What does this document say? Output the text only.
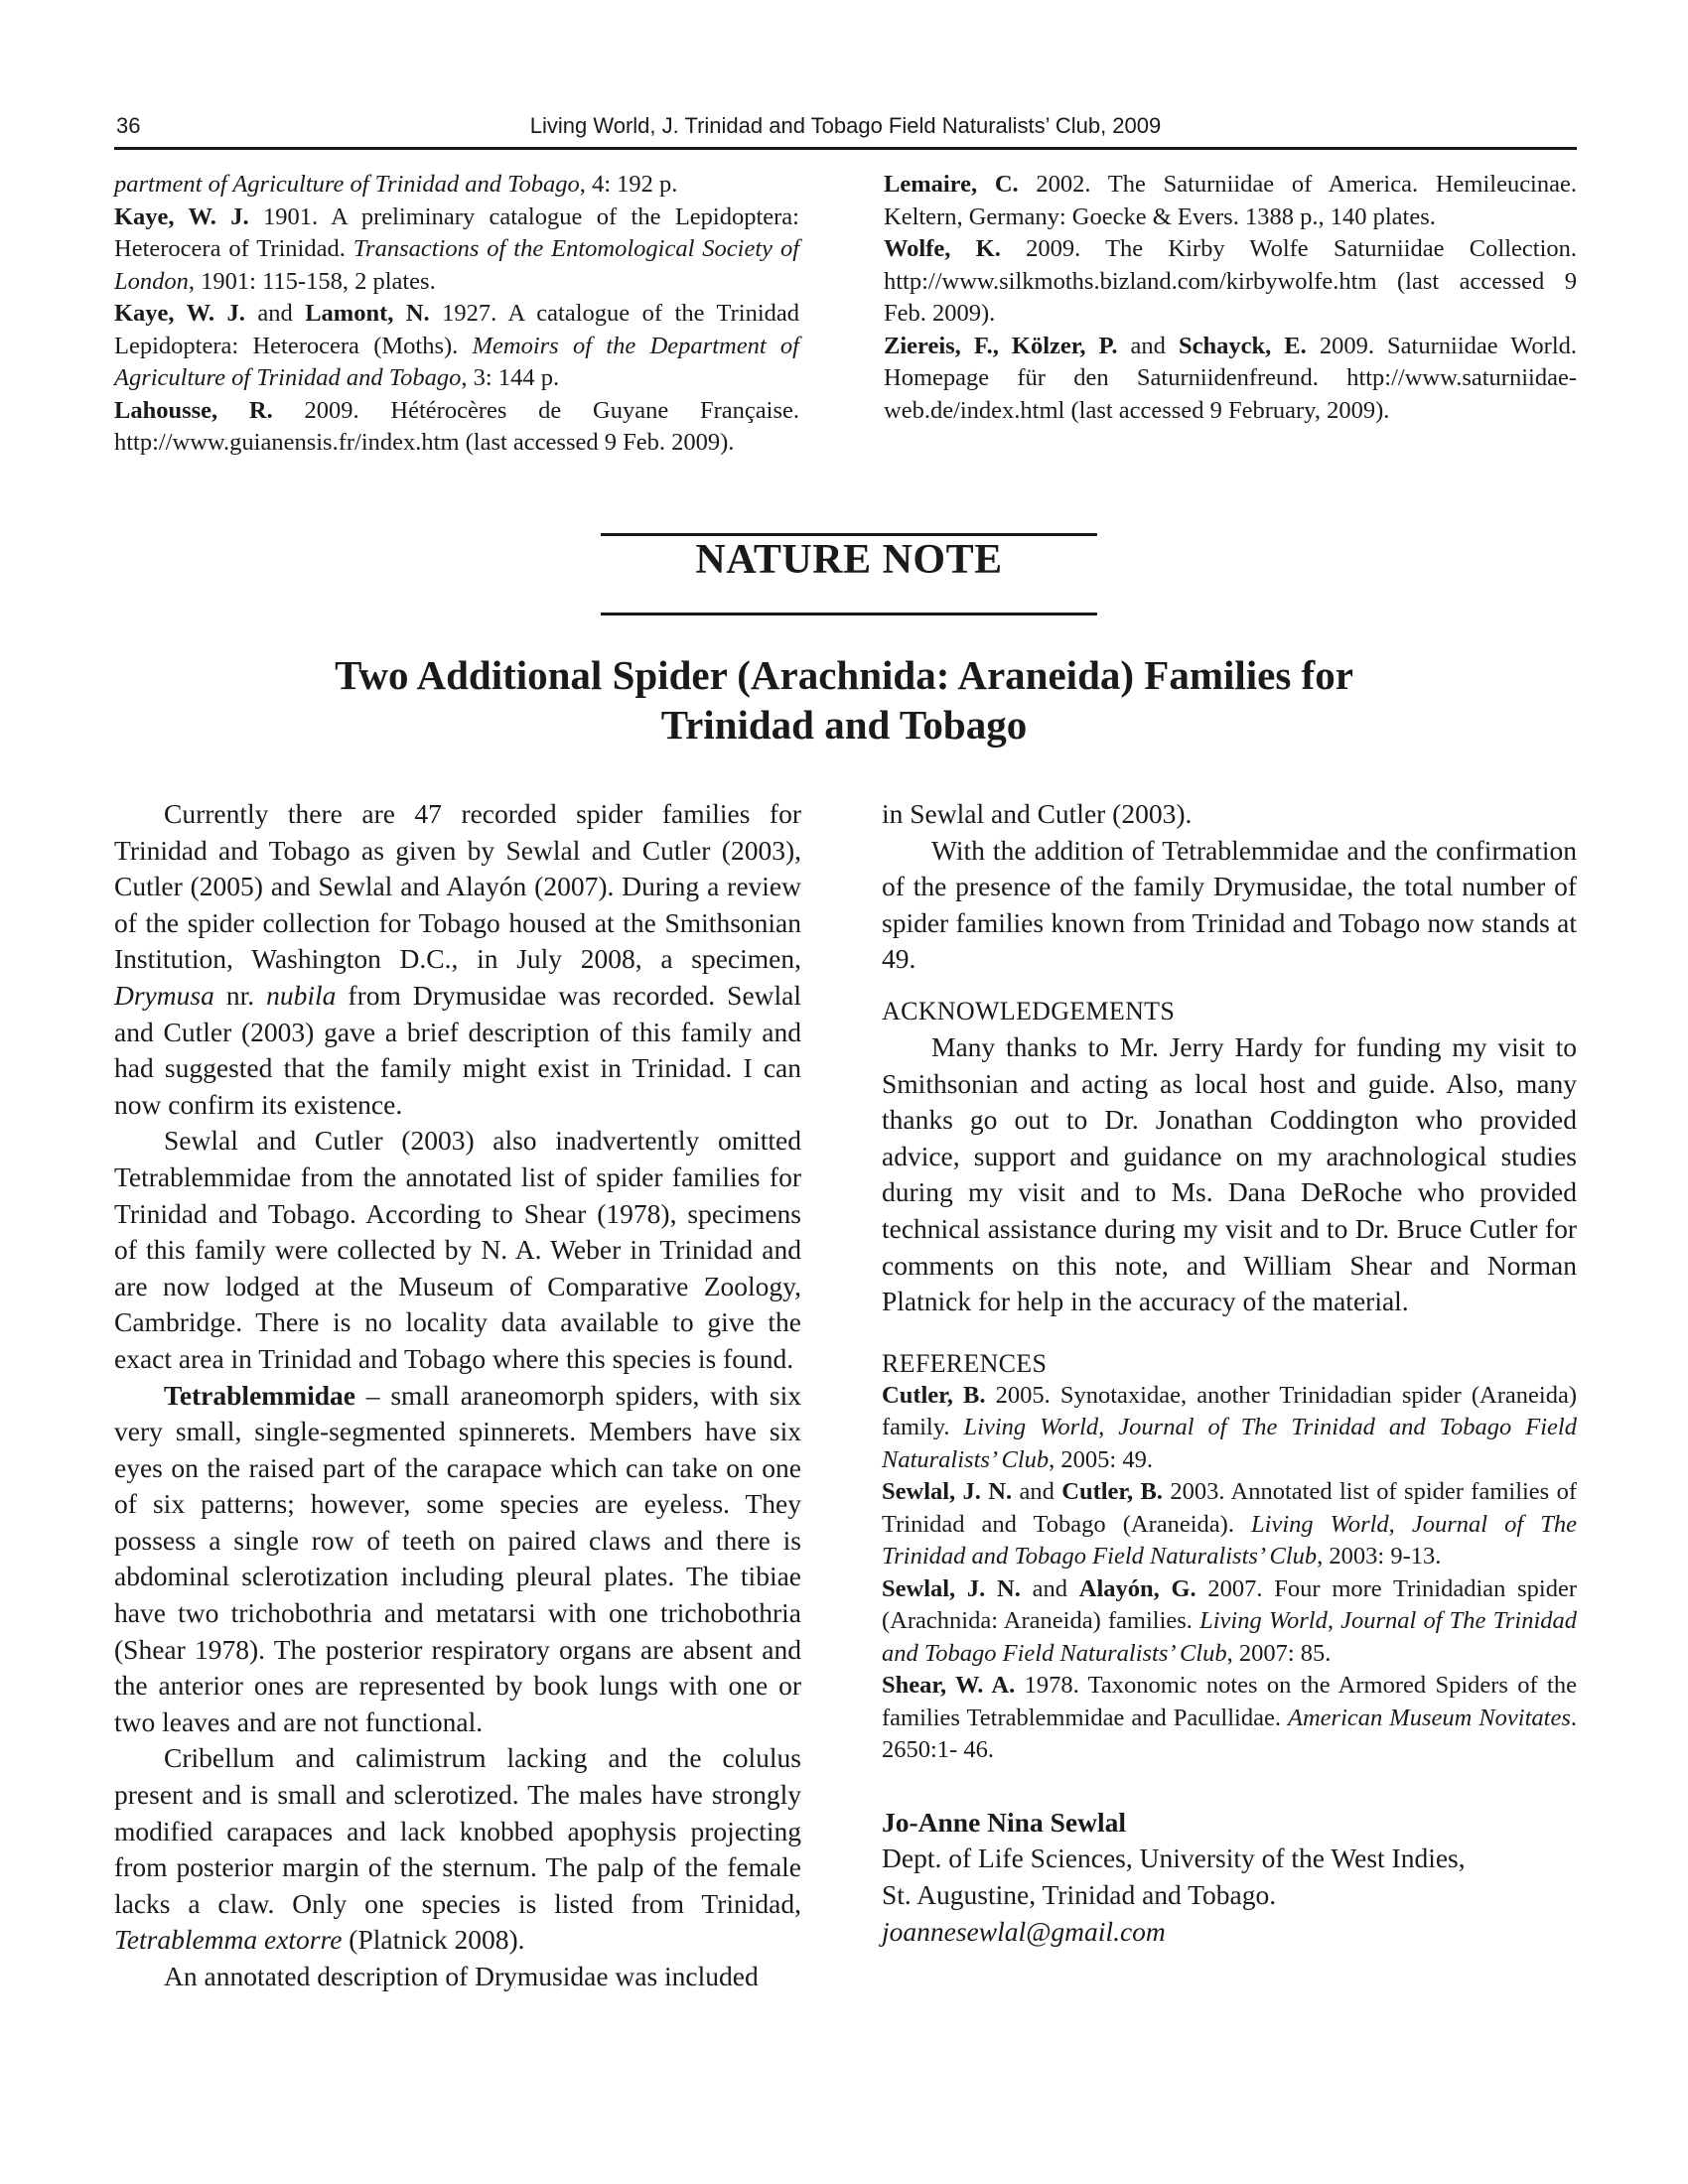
36	Living World, J. Trinidad and Tobago Field Naturalists’ Club, 2009

partment of Agriculture of Trinidad and Tobago, 4: 192 p.

Kaye, W. J. 1901. A preliminary catalogue of the Lepidoptera: Heterocera of Trinidad. Transactions of the Entomological Society of London, 1901: 115-158, 2 plates.

Kaye, W. J. and Lamont, N. 1927. A catalogue of the Trinidad Lepidoptera: Heterocera (Moths). Memoirs of the Department of Agriculture of Trinidad and Tobago, 3: 144 p.

Lahousse, R. 2009. Hétérocères de Guyane Française. http://www.guianensis.fr/index.htm (last accessed 9 Feb. 2009).

Lemaire, C. 2002. The Saturniidae of America. Hemileucinae. Keltern, Germany: Goecke & Evers. 1388 p., 140 plates.

Wolfe, K. 2009. The Kirby Wolfe Saturniidae Collection. http://www.silkmoths.bizland.com/kirbywolfe.htm (last accessed 9 Feb. 2009).

Ziereis, F., Kölzer, P. and Schayck, E. 2009. Saturniidae World. Homepage für den Saturniidenfreund. http://www.saturniidae-web.de/index.html (last accessed 9 February, 2009).

NATURE NOTE
Two Additional Spider (Arachnida: Araneida) Families for
Trinidad and Tobago

Currently there are 47 recorded spider families for Trinidad and Tobago as given by Sewlal and Cutler (2003), Cutler (2005) and Sewlal and Alayón (2007). During a review of the spider collection for Tobago housed at the Smithsonian Institution, Washington D.C., in July 2008, a specimen, Drymusa nr. nubila from Drymusidae was recorded. Sewlal and Cutler (2003) gave a brief description of this family and had suggested that the family might exist in Trinidad. I can now confirm its existence.

Sewlal and Cutler (2003) also inadvertently omitted Tetrablemmidae from the annotated list of spider families for Trinidad and Tobago. According to Shear (1978), specimens of this family were collected by N. A. Weber in Trinidad and are now lodged at the Museum of Comparative Zoology, Cambridge. There is no locality data available to give the exact area in Trinidad and Tobago where this species is found.

Tetrablemmidae – small araneomorph spiders, with six very small, single-segmented spinnerets. Members have six eyes on the raised part of the carapace which can take on one of six patterns; however, some species are eyeless. They possess a single row of teeth on paired claws and there is abdominal sclerotization including pleural plates. The tibiae have two trichobothria and metatarsi with one trichobothria (Shear 1978). The posterior respiratory organs are absent and the anterior ones are represented by book lungs with one or two leaves and are not functional.

Cribellum and calimistrum lacking and the colulus present and is small and sclerotized. The males have strongly modified carapaces and lack knobbed apophysis projecting from posterior margin of the sternum. The palp of the female lacks a claw. Only one species is listed from Trinidad, Tetrablemma extorre (Platnick 2008).

An annotated description of Drymusidae was included

in Sewlal and Cutler (2003).

With the addition of Tetrablemmidae and the confirmation of the presence of the family Drymusidae, the total number of spider families known from Trinidad and Tobago now stands at 49.

ACKNOWLEDGEMENTS

Many thanks to Mr. Jerry Hardy for funding my visit to Smithsonian and acting as local host and guide. Also, many thanks go out to Dr. Jonathan Coddington who provided advice, support and guidance on my arachnological studies during my visit and to Ms. Dana DeRoche who provided technical assistance during my visit and to Dr. Bruce Cutler for comments on this note, and William Shear and Norman Platnick for help in the accuracy of the material.

REFERENCES

Cutler, B. 2005. Synotaxidae, another Trinidadian spider (Araneida) family. Living World, Journal of The Trinidad and Tobago Field Naturalists’ Club, 2005: 49.

Sewlal, J. N. and Cutler, B. 2003. Annotated list of spider families of Trinidad and Tobago (Araneida). Living World, Journal of The Trinidad and Tobago Field Naturalists’ Club, 2003: 9-13.

Sewlal, J. N. and Alayón, G. 2007. Four more Trinidadian spider (Arachnida: Araneida) families. Living World, Journal of The Trinidad and Tobago Field Naturalists’ Club, 2007: 85.

Shear, W. A. 1978. Taxonomic notes on the Armored Spiders of the families Tetrablemmidae and Pacullidae. American Museum Novitates. 2650:1- 46.

Jo-Anne Nina Sewlal

Dept. of Life Sciences, University of the West Indies,

St. Augustine, Trinidad and Tobago.

joannesewlal@gmail.com
